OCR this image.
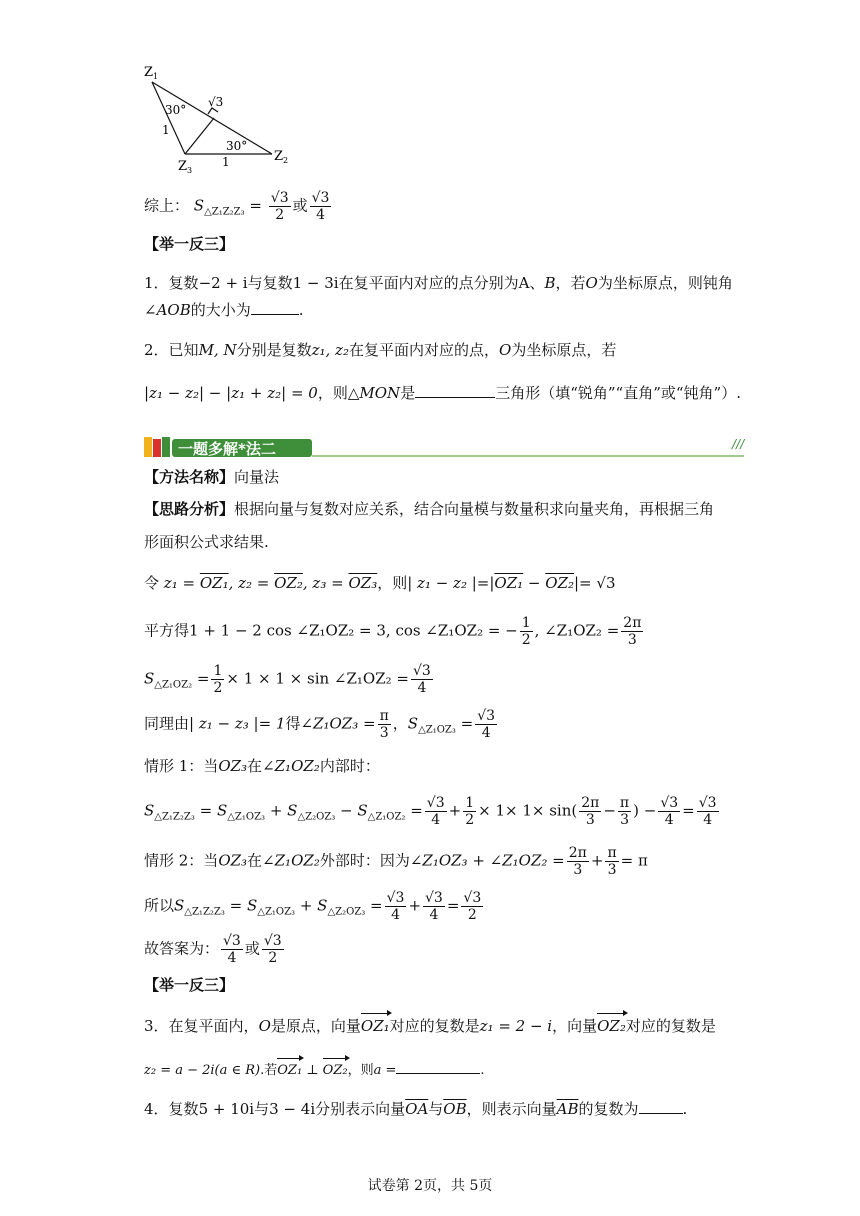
$Z_1$
$Z_2$
$Z_3$
30°
30°
1
1
√3
综上： $S_{\triangle Z_1Z_2Z_3} = \frac{√3}{2}$ 或 $\frac{√3}{4}$
【举一反三】
1．复数−2 + i与复数1 − 3i在复平面内对应的点分别为A、B，若O为坐标原点，则钝角
∠AOB的大小为	.
2．已知M, N分别是复数z₁, z₂在复平面内对应的点，O为坐标原点，若
|z₁ − z₂| − |z₁ + z₂| = 0，则△MON是	三角形（填“锐角”“直角”或“钝角”）.
一题多解*法二	///
【方法名称】向量法
【思路分析】根据向量与复数对应关系，结合向量模与数量积求向量夹角，再根据三角
形面积公式求结果.
令 z₁ = OZ₁, z₂ = OZ₂, z₃ = OZ₃，则| z₁ − z₂ |=|OZ₁ − OZ₂|= √3
平方得1 + 1 − 2 cos ∠Z₁OZ₂ = 3, cos ∠Z₁OZ₂ = − $\frac{1}{2}$ , ∠Z₁OZ₂ = $\frac{2\pi}{3}$
$S_{\triangle Z_1OZ_2} = \frac{1}{2} \times 1 \times 1 \times \sin$ ∠Z₁OZ₂ = $\frac{√3}{4}$
同理由| z₁ − z₃ |= 1得∠Z₁OZ₃ = $\frac{\pi}{3}$ ，$S_{\triangle Z_1OZ_3} = \frac{√3}{4}$
情形 1：当OZ₃在∠Z₁OZ₂内部时：
$S_{\triangle Z_1Z_2Z_3} = S_{\triangle Z_1OZ_3} + S_{\triangle Z_2OZ_3} - S_{\triangle Z_1OZ_2} = \frac{√3}{4} + \frac{1}{2} \times 1\times 1\times \sin( \frac{2\pi}{3} - \frac{\pi}{3}$ ) − $\frac{√3}{4} = \frac{√3}{4}$
情形 2：当OZ₃在∠Z₁OZ₂外部时：因为∠Z₁OZ₃ + ∠Z₁OZ₂ = $\frac{2\pi}{3} + \frac{\pi}{3} = \pi$
所以$S_{\triangle Z_1Z_2Z_3} = S_{\triangle Z_1OZ_3} + S_{\triangle Z_2OZ_3} = \frac{√3}{4} + \frac{√3}{4} = \frac{√3}{2}$
故答案为： $\frac{√3}{4}$ 或 $\frac{√3}{2}$
【举一反三】
3．在复平面内，O是原点，向量OZ₁对应的复数是z₁ = 2 − i，向量OZ₂对应的复数是
z₂ = a − 2i(a ∈ R).若OZ₁ ⊥ OZ₂，则a =	.
4．复数5 + 10i与3 − 4i分别表示向量$\overline{OA}$与$\overline{OB}$，则表示向量$\overline{AB}$的复数为	.
试卷第 2页，共 5页
